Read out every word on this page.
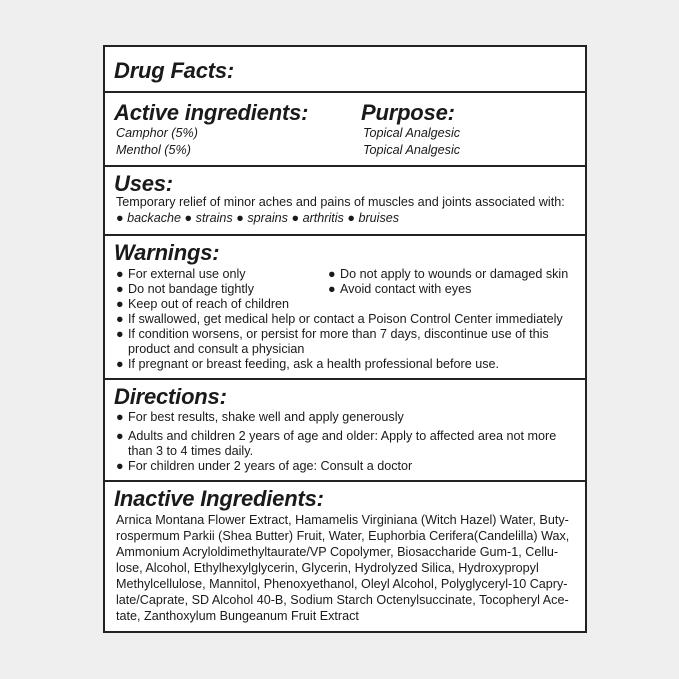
Drug Facts:
Active ingredients: Purpose:
Camphor (5%)
Menthol (5%)
Topical Analgesic
Topical Analgesic
Uses:
Temporary relief of minor aches and pains of muscles and joints associated with:
● backache ● strains ● sprains ● arthritis ● bruises
Warnings:
● For external use only
● Do not bandage tightly
● Do not apply to wounds or damaged skin
● Avoid contact with eyes
● Keep out of reach of children
● If swallowed, get medical help or contact a Poison Control Center immediately
● If condition worsens, or persist for more than 7 days, discontinue use of this
product and consult a physician
● If pregnant or breast feeding, ask a health professional before use.
Directions:
● For best results, shake well and apply generously
● Adults and children 2 years of age and older: Apply to affected area not more
than 3 to 4 times daily.
● For children under 2 years of age: Consult a doctor
Inactive Ingredients:
Arnica Montana Flower Extract, Hamamelis Virginiana (Witch Hazel) Water, Buty-
rospermum Parkii (Shea Butter) Fruit, Water, Euphorbia Cerifera(Candelilla) Wax,
Ammonium Acryloldimethyltaurate/VP Copolymer, Biosaccharide Gum-1, Cellu-
lose, Alcohol, Ethylhexylglycerin, Glycerin, Hydrolyzed Silica, Hydroxypropyl
Methylcellulose, Mannitol, Phenoxyethanol, Oleyl Alcohol, Polyglyceryl-10 Capry-
late/Caprate, SD Alcohol 40-B, Sodium Starch Octenylsuccinate, Tocopheryl Ace-
tate, Zanthoxylum Bungeanum Fruit Extract
